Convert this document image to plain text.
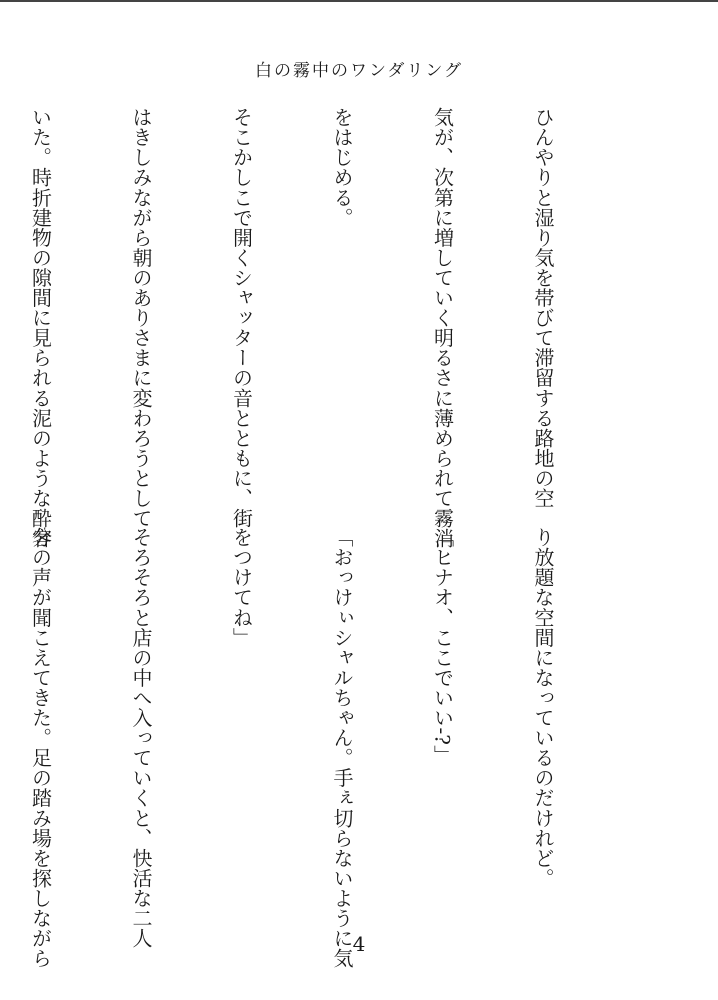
白の霧中のワンダリング

ひんやりと湿り気を帯びて滞留する路地の空

気が、次第に増していく明るさに薄められて霧消

をはじめる。

そこかしこで開くシャッターの音とともに、街

はきしみながら朝のありさまに変わろうとして

いた。時折建物の隙間に見られる泥のような酔客

り放題な空間になっているのだけれど。

「ヒナオ、ここでいい-?」

「おっけぃシャルちゃん。手ぇ切らないように気

をつけてね」

そろそろと店の中へ入っていくと、快活な二人

分の声が聞こえてきた。足の踏み場を探しながら

	4
